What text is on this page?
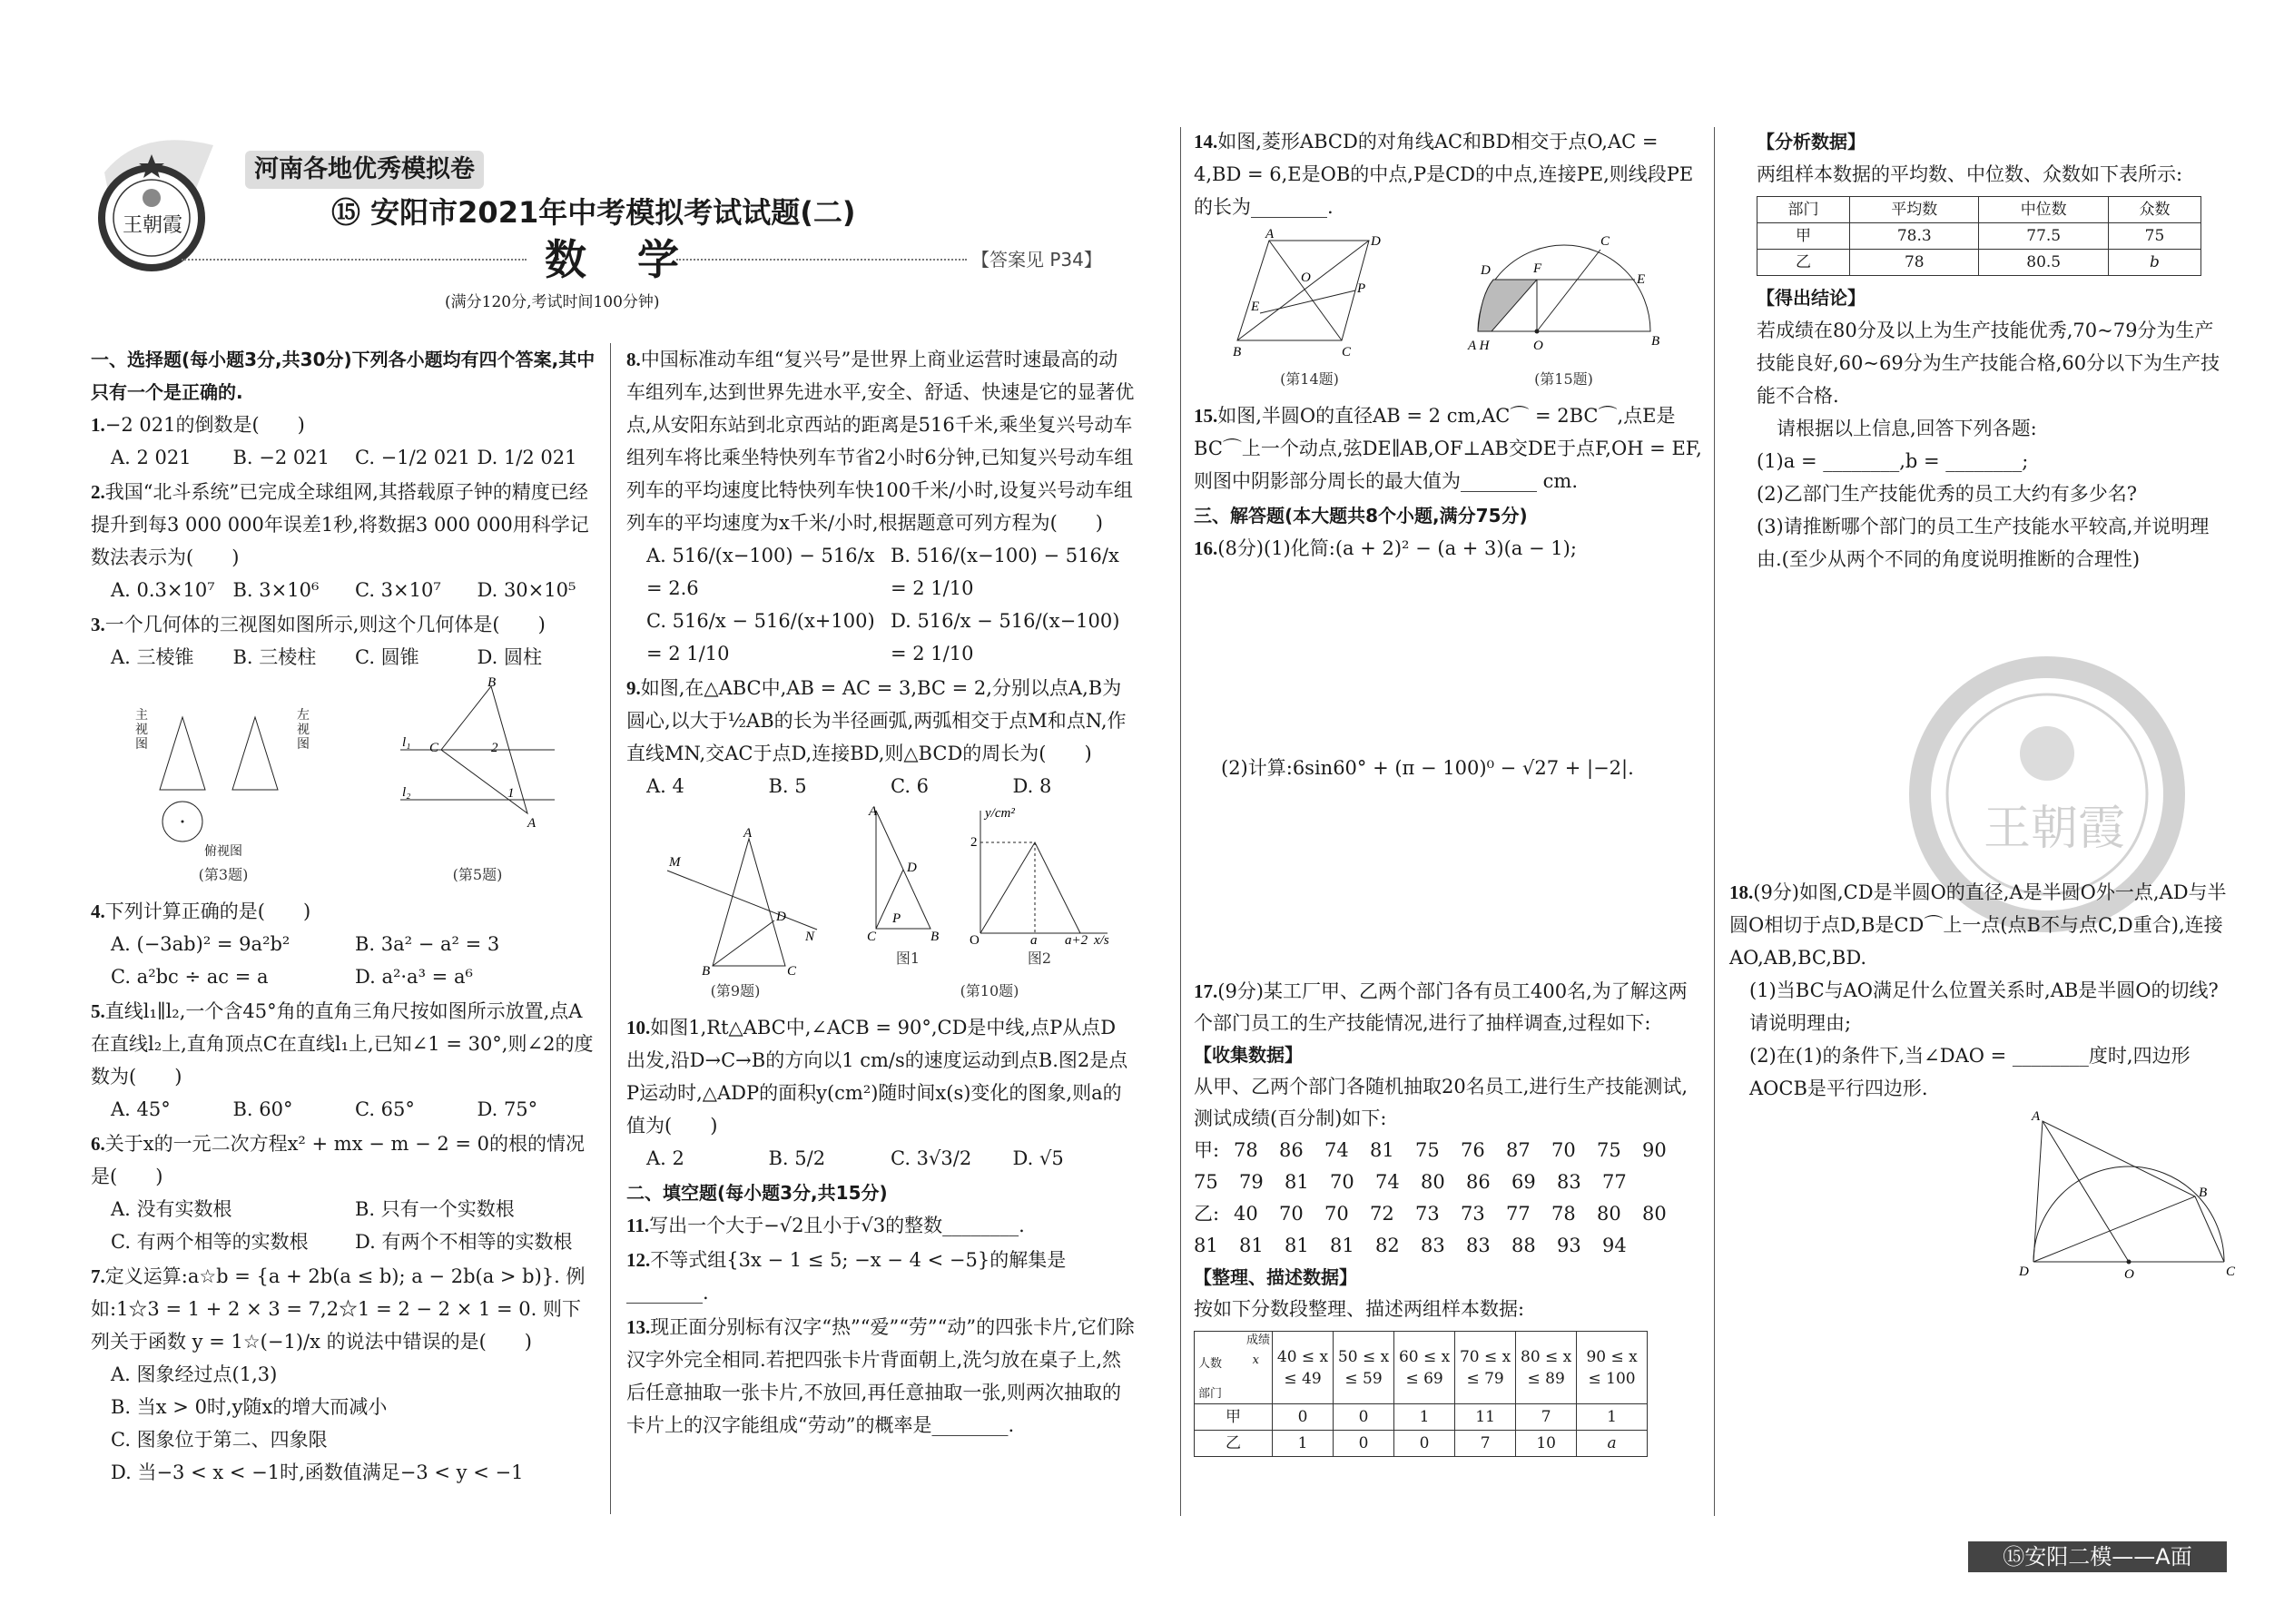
王朝霞
河南各地优秀模拟卷
⑮ 安阳市2021年中考模拟考试试题(二)
数 学	【答案见 P34】
(满分120分,考试时间100分钟)
一、选择题(每小题3分,共30分)下列各小题均有四个答案,其中只有一个是正确的.
1.−2 021的倒数是(　　)
A. 2 021	B. −2 021	C. −1/2 021 D. 1/2 021
2.我国“北斗系统”已完成全球组网,其搭载原子钟的精度已经提升到每3 000 000年误差1秒,将数据3 000 000用科学记数法表示为(　　)
A. 0.3×10⁷ B. 3×10⁶	C. 3×10⁷	D. 30×10⁵
3.一个几何体的三视图如图所示,则这个几何体是(　　)
A. 三棱锥	B. 三棱柱	C. 圆锥	D. 圆柱
主视图
左视图
俯视图
(第3题)
B
A
C	2
1
l₁
l₂
(第5题)
4.下列计算正确的是(　　)
A. (−3ab)² = 9a²b²	B. 3a² − a² = 3
C. a²bc ÷ ac = a	D. a²·a³ = a⁶
5.直线l₁∥l₂,一个含45°角的直角三角尺按如图所示放置,点A在直线l₂上,直角顶点C在直线l₁上,已知∠1 = 30°,则∠2的度数为(　　)
A. 45°	B. 60°	C. 65°	D. 75°
6.关于x的一元二次方程x² + mx − m − 2 = 0的根的情况是(　　)
A. 没有实数根	B. 只有一个实数根
C. 有两个相等的实数根	D. 有两个不相等的实数根
7.定义运算:a☆b = {a + 2b(a ≤ b); a − 2b(a > b)}. 例如:1☆3 = 1 + 2 × 3 = 7,2☆1 = 2 − 2 × 1 = 0. 则下列关于函数 y = 1☆(−1)/x 的说法中错误的是(　　)
A. 图象经过点(1,3)
B. 当x > 0时,y随x的增大而减小
C. 图象位于第二、四象限
D. 当−3 < x < −1时,函数值满足−3 < y < −1
8.中国标准动车组“复兴号”是世界上商业运营时速最高的动车组列车,达到世界先进水平,安全、舒适、快速是它的显著优点,从安阳东站到北京西站的距离是516千米,乘坐复兴号动车组列车将比乘坐特快列车节省2小时6分钟,已知复兴号动车组列车的平均速度比特快列车快100千米/小时,设复兴号动车组列车的平均速度为x千米/小时,根据题意可列方程为(　　)
A. 516/(x−100) − 516/x = 2.6
B. 516/(x−100) − 516/x = 2 1/10
C. 516/x − 516/(x+100) = 2 1/10
D. 516/x − 516/(x−100) = 2 1/10
9.如图,在△ABC中,AB = AC = 3,BC = 2,分别以点A,B为圆心,以大于½AB的长为半径画弧,两弧相交于点M和点N,作直线MN,交AC于点D,连接BD,则△BCD的周长为(　　)
A. 4	B. 5	C. 6	D. 8
A
B	C
D
M
N
(第9题)
A
C	B
D
P
图1
2
O	a a+2 x/s
y/cm²
图2
(第10题)
10.如图1,Rt△ABC中,∠ACB = 90°,CD是中线,点P从点D出发,沿D→C→B的方向以1 cm/s的速度运动到点B.图2是点P运动时,△ADP的面积y(cm²)随时间x(s)变化的图象,则a的值为(　　)
A. 2	B. 5/2	C. 3√3/2	D. √5
二、填空题(每小题3分,共15分)
11.写出一个大于−√2且小于√3的整数________.
12.不等式组{3x − 1 ≤ 5; −x − 4 < −5}的解集是________.
13.现正面分别标有汉字“热”“爱”“劳”“动”的四张卡片,它们除汉字外完全相同.若把四张卡片背面朝上,洗匀放在桌子上,然后任意抽取一张卡片,不放回,再任意抽取一张,则两次抽取的卡片上的汉字能组成“劳动”的概率是________.
14.如图,菱形ABCD的对角线AC和BD相交于点O,AC = 4,BD = 6,E是OB的中点,P是CD的中点,连接PE,则线段PE的长为________.
A	D
B	C
O
E
P
(第14题)
A H	O	B
C
D	F
E
(第15题)
15.如图,半圆O的直径AB = 2 cm,AC⌒ = 2BC⌒,点E是BC⌒上一个动点,弦DE∥AB,OF⊥AB交DE于点F,OH = EF,则图中阴影部分周长的最大值为________ cm.
三、解答题(本大题共8个小题,满分75分)
16.(8分)(1)化简:(a + 2)² − (a + 3)(a − 1);
(2)计算:6sin60° + (π − 100)⁰ − √27 + |−2|.
17.(9分)某工厂甲、乙两个部门各有员工400名,为了解这两个部门员工的生产技能情况,进行了抽样调查,过程如下:
【收集数据】
从甲、乙两个部门各随机抽取20名员工,进行生产技能测试,测试成绩(百分制)如下:
甲: 78	86	74	81	75	76	87	70	75	90
75	79	81	70	74	80	86	69	83	77
乙: 40	70	70	72	73	73	77	78	80	80
81	81	81	81	82	83	83	88	93	94
【整理、描述数据】
按如下分数段整理、描述两组样本数据:
成绩
x
人数
部门	40 ≤ x ≤ 49	50 ≤ x ≤ 59	60 ≤ x ≤ 69	70 ≤ x ≤ 79	80 ≤ x ≤ 89	90 ≤ x ≤ 100
甲	0	0	1	11	7	1
乙	1	0	0	7	10	a
【分析数据】
两组样本数据的平均数、中位数、众数如下表所示:
部门	平均数	中位数	众数
甲	78.3	77.5	75
乙	78	80.5	b
【得出结论】
若成绩在80分及以上为生产技能优秀,70~79分为生产技能良好,60~69分为生产技能合格,60分以下为生产技能不合格.
请根据以上信息,回答下列各题:
(1)a = ________,b = ________;
(2)乙部门生产技能优秀的员工大约有多少名?
(3)请推断哪个部门的员工生产技能水平较高,并说明理由.(至少从两个不同的角度说明推断的合理性)
王朝霞
18.(9分)如图,CD是半圆O的直径,A是半圆O外一点,AD与半圆O相切于点D,B是CD⌒上一点(点B不与点C,D重合),连接AO,AB,BC,BD.
(1)当BC与AO满足什么位置关系时,AB是半圆O的切线?请说明理由;
(2)在(1)的条件下,当∠DAO = ________度时,四边形AOCB是平行四边形.
A
B
D	O	C
⑮安阳二模——A面
